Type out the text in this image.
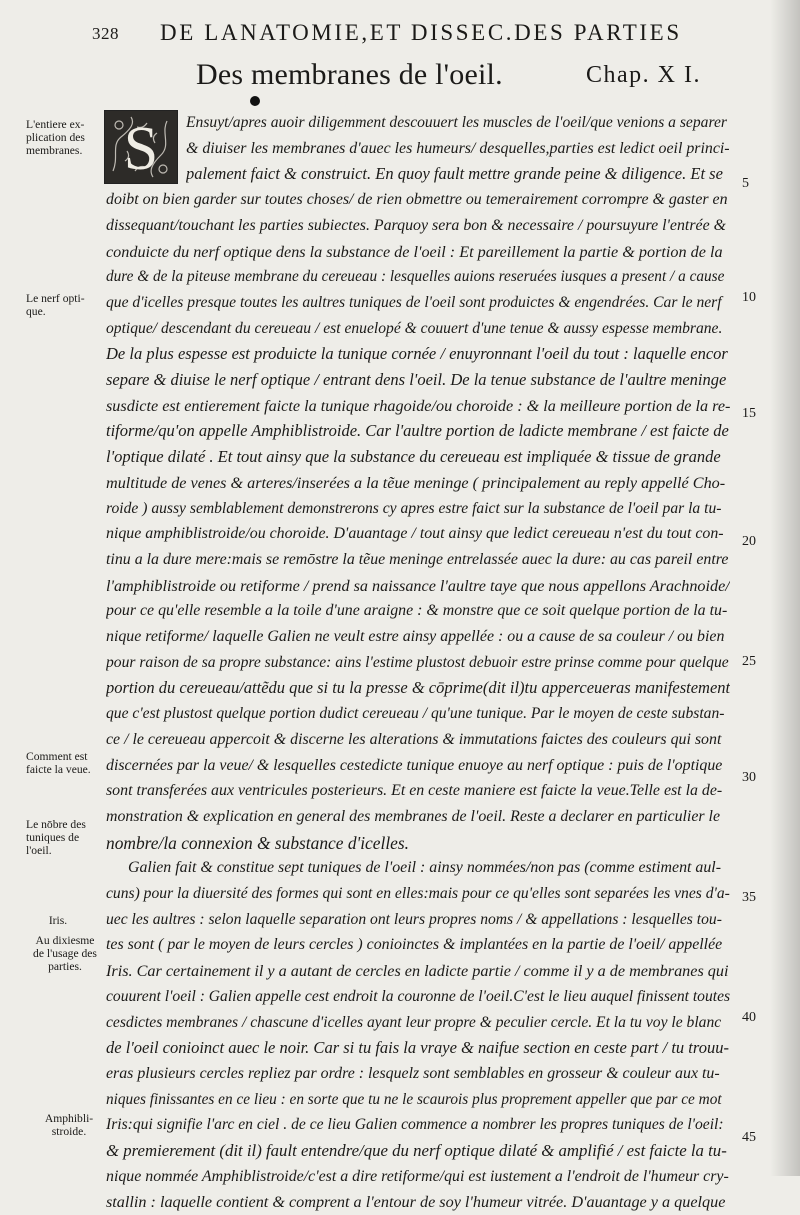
328 DE LANATOMIE,ET DISSEC.DES PARTIES
Des membranes de l'oeil.	Chap. X I.
S
L'entiere ex-
plication des
membranes.
Le nerf opti-
que.
Comment est
faicte la veue.
Le nōbre des
tuniques de
l'oeil.
Iris.
Au dixiesme
de l'usage des
parties.
Amphibli-
stroide.
5
10
15
20
25
30
35
40
45
Ensuyt/apres auoir diligemment descouuert les muscles de l'oeil/que venions a separer
& diuiser les membranes d'auec les humeurs/ desquelles,parties est ledict oeil princi-
palement faict & construict. En quoy fault mettre grande peine & diligence. Et se
doibt on bien garder sur toutes choses/ de rien obmettre ou temerairement corrompre & gaster en
dissequant/touchant les parties subiectes. Parquoy sera bon & necessaire / poursuyure l'entrée &
conduicte du nerf optique dens la substance de l'oeil : Et pareillement la partie & portion de la
dure & de la piteuse membrane du cereueau : lesquelles auions reseruées iusques a present / a cause
que d'icelles presque toutes les aultres tuniques de l'oeil sont produictes & engendrées. Car le nerf
optique/ descendant du cereueau / est enuelopé & couuert d'une tenue & aussy espesse membrane.
De la plus espesse est produicte la tunique cornée / enuyronnant l'oeil du tout : laquelle encor
separe & diuise le nerf optique / entrant dens l'oeil. De la tenue substance de l'aultre meninge
susdicte est entierement faicte la tunique rhagoide/ou choroide : & la meilleure portion de la re-
tiforme/qu'on appelle Amphiblistroide. Car l'aultre portion de ladicte membrane / est faicte de
l'optique dilaté . Et tout ainsy que la substance du cereueau est impliquée & tissue de grande
multitude de venes & arteres/inserées a la tẽue meninge ( principalement au reply appellé Cho-
roide ) aussy semblablement demonstrerons cy apres estre faict sur la substance de l'oeil par la tu-
nique amphiblistroide/ou choroide. D'auantage / tout ainsy que ledict cereueau n'est du tout con-
tinu a la dure mere:mais se remōstre la tẽue meninge entrelassée auec la dure: au cas pareil entre
l'amphiblistroide ou retiforme / prend sa naissance l'aultre taye que nous appellons Arachnoide/
pour ce qu'elle resemble a la toile d'une araigne : & monstre que ce soit quelque portion de la tu-
nique retiforme/ laquelle Galien ne veult estre ainsy appellée : ou a cause de sa couleur / ou bien
pour raison de sa propre substance: ains l'estime plustost debuoir estre prinse comme pour quelque
portion du cereueau/attẽdu que si tu la presse & cōprime(dit il)tu apperceueras manifestement
que c'est plustost quelque portion dudict cereueau / qu'une tunique. Par le moyen de ceste substan-
ce / le cereueau appercoit & discerne les alterations & immutations faictes des couleurs qui sont
discernées par la veue/ & lesquelles cestedicte tunique enuoye au nerf optique : puis de l'optique
sont transferées aux ventricules posterieurs. Et en ceste maniere est faicte la veue.Telle est la de-
monstration & explication en general des membranes de l'oeil. Reste a declarer en particulier le
nombre/la connexion & substance d'icelles.
Galien fait & constitue sept tuniques de l'oeil : ainsy nommées/non pas (comme estiment aul-
cuns) pour la diuersité des formes qui sont en elles:mais pour ce qu'elles sont separées les vnes d'a-
uec les aultres : selon laquelle separation ont leurs propres noms / & appellations : lesquelles tou-
tes sont ( par le moyen de leurs cercles ) conioinctes & implantées en la partie de l'oeil/ appellée
Iris. Car certainement il y a autant de cercles en ladicte partie / comme il y a de membranes qui
couurent l'oeil : Galien appelle cest endroit la couronne de l'oeil.C'est le lieu auquel finissent toutes
cesdictes membranes / chascune d'icelles ayant leur propre & peculier cercle. Et la tu voy le blanc
de l'oeil conioinct auec le noir. Car si tu fais la vraye & naifue section en ceste part / tu trouu-
eras plusieurs cercles repliez par ordre : lesquelz sont semblables en grosseur & couleur aux tu-
niques finissantes en ce lieu : en sorte que tu ne le scaurois plus proprement appeller que par ce mot
Iris:qui signifie l'arc en ciel . de ce lieu Galien commence a nombrer les propres tuniques de l'oeil:
& premierement (dit il) fault entendre/que du nerf optique dilaté & amplifié / est faicte la tu-
nique nommée Amphiblistroide/c'est a dire retiforme/qui est iustement a l'endroit de l'humeur cry-
stallin : laquelle contient & comprent a l'entour de soy l'humeur vitrée. D'auantage y a quelque
